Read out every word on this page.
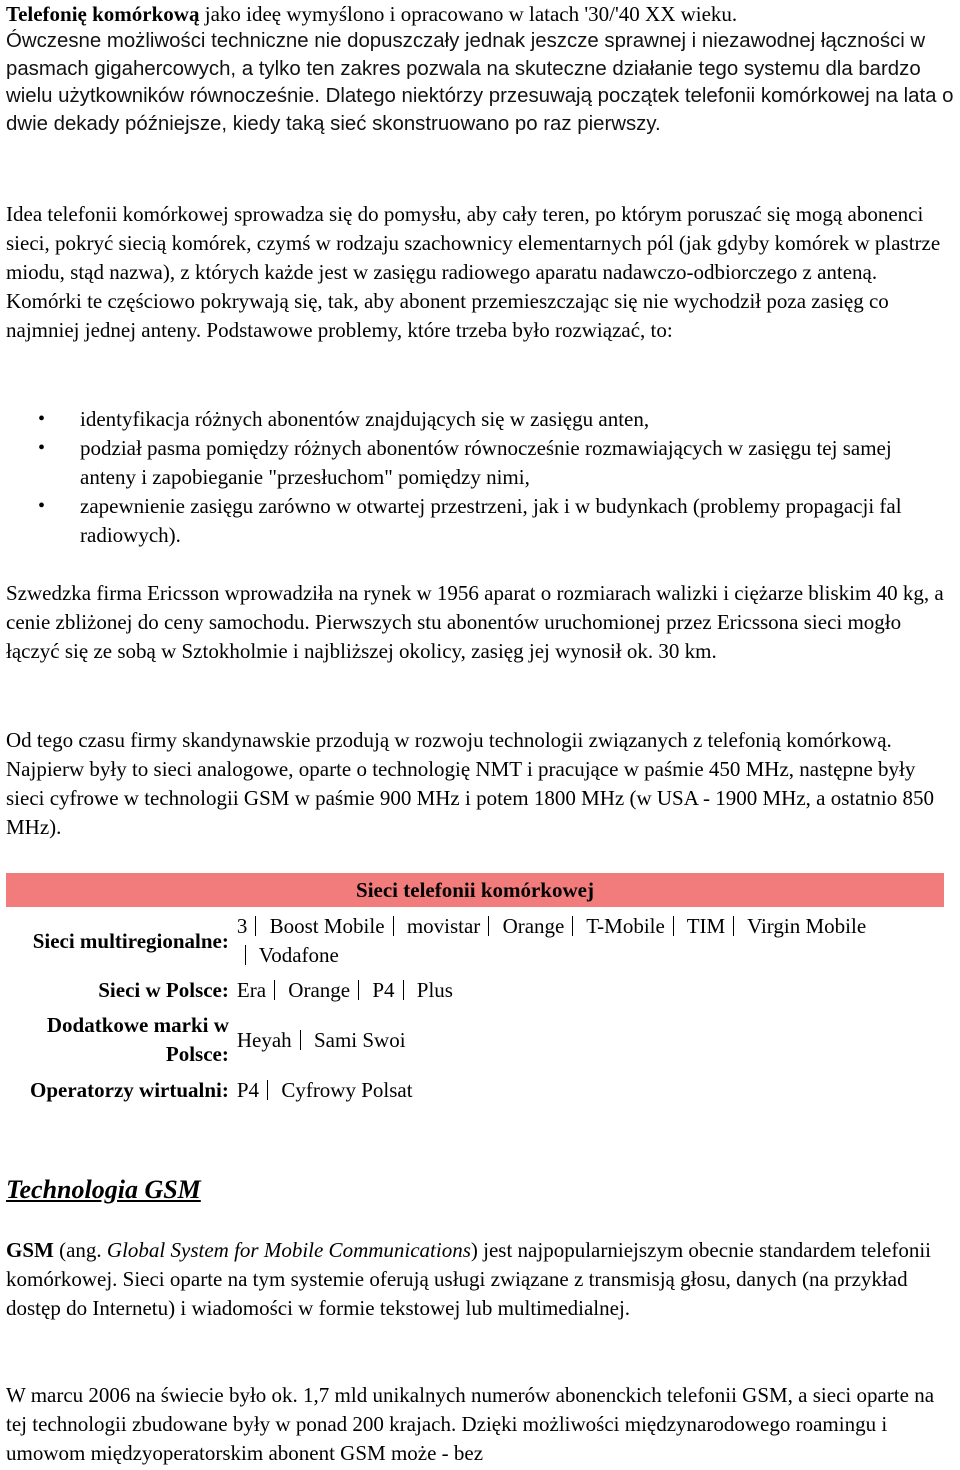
Telefonię komórkową jako ideę wymyślono i opracowano w latach '30/'40 XX wieku.

Ówczesne możliwości techniczne nie dopuszczały jednak jeszcze sprawnej i niezawodnej łączności w pasmach gigahercowych, a tylko ten zakres pozwala na skuteczne działanie tego systemu dla bardzo wielu użytkowników równocześnie. Dlatego niektórzy przesuwają początek telefonii komórkowej na lata o dwie dekady późniejsze, kiedy taką sieć skonstruowano po raz pierwszy.

Idea telefonii komórkowej sprowadza się do pomysłu, aby cały teren, po którym poruszać się mogą abonenci sieci, pokryć siecią komórek, czymś w rodzaju szachownicy elementarnych pól (jak gdyby komórek w plastrze miodu, stąd nazwa), z których każde jest w zasięgu radiowego aparatu nadawczo-odbiorczego z anteną. Komórki te częściowo pokrywają się, tak, aby abonent przemieszczając się nie wychodził poza zasięg co najmniej jednej anteny. Podstawowe problemy, które trzeba było rozwiązać, to:

• identyfikacja różnych abonentów znajdujących się w zasięgu anten,
• podział pasma pomiędzy różnych abonentów równocześnie rozmawiających w zasięgu tej samej anteny i zapobieganie "przesłuchom" pomiędzy nimi,
• zapewnienie zasięgu zarówno w otwartej przestrzeni, jak i w budynkach (problemy propagacji fal radiowych).

Szwedzka firma Ericsson wprowadziła na rynek w 1956 aparat o rozmiarach walizki i ciężarze bliskim 40 kg, a cenie zbliżonej do ceny samochodu. Pierwszych stu abonentów uruchomionej przez Ericssona sieci mogło łączyć się ze sobą w Sztokholmie i najbliższej okolicy, zasięg jej wynosił ok. 30 km.

Od tego czasu firmy skandynawskie przodują w rozwoju technologii związanych z telefonią komórkową. Najpierw były to sieci analogowe, oparte o technologię NMT i pracujące w paśmie 450 MHz, następne były sieci cyfrowe w technologii GSM w paśmie 900 MHz i potem 1800 MHz (w USA - 1900 MHz, a ostatnio 850 MHz).

Sieci telefonii komórkowej
Sieci multiregionalne:	3 Boost Mobile movistar Orange T-Mobile TIM Virgin Mobile Vodafone
Sieci w Polsce:	Era Orange P4 Plus
Dodatkowe marki w
Polsce:	Heyah Sami Swoi
Operatorzy wirtualni:	P4 Cyfrowy Polsat
Technologia GSM

GSM (ang. Global System for Mobile Communications) jest najpopularniejszym obecnie standardem telefonii komórkowej. Sieci oparte na tym systemie oferują usługi związane z transmisją głosu, danych (na przykład dostęp do Internetu) i wiadomości w formie tekstowej lub multimedialnej.

W marcu 2006 na świecie było ok. 1,7 mld unikalnych numerów abonenckich telefonii GSM, a sieci oparte na tej technologii zbudowane były w ponad 200 krajach. Dzięki możliwości międzynarodowego roamingu i umowom międzyoperatorskim abonent GSM może - bez
